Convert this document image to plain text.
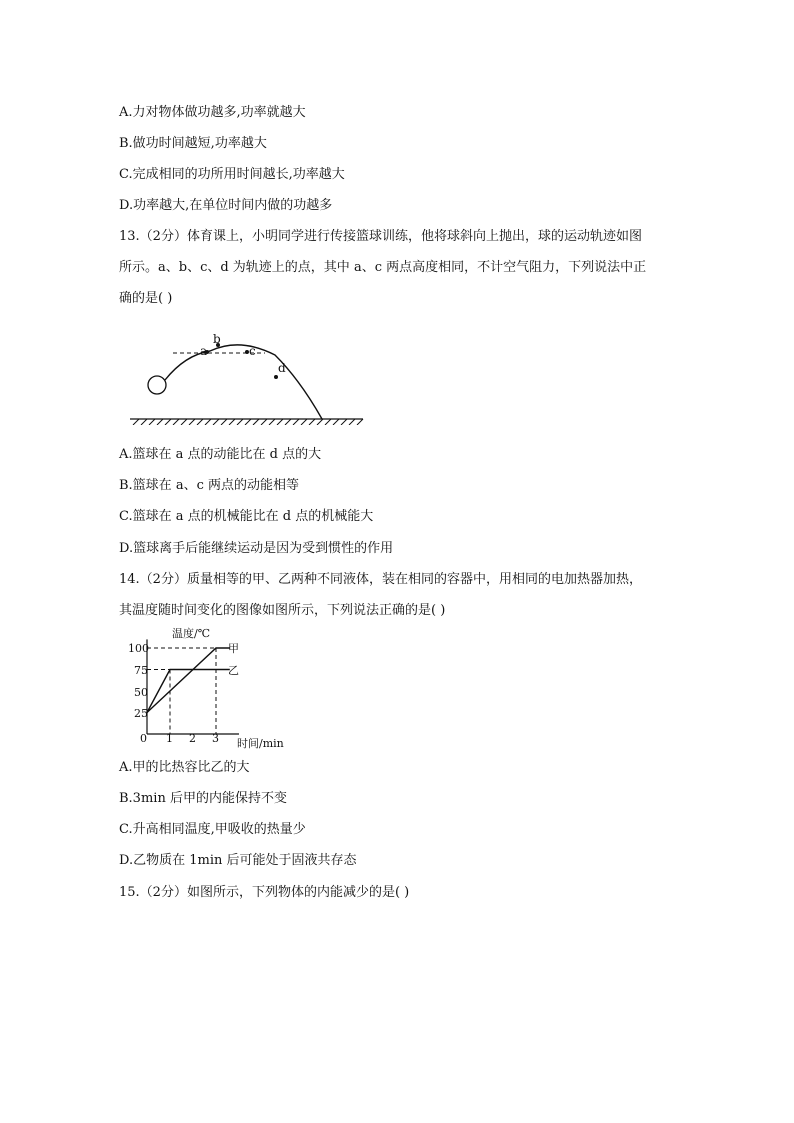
A.力对物体做功越多,功率就越大
B.做功时间越短,功率越大
C.完成相同的功所用时间越长,功率越大
D.功率越大,在单位时间内做的功越多
13.（2分）体育课上，小明同学进行传接篮球训练，他将球斜向上抛出，球的运动轨迹如图
所示。a、b、c、d 为轨迹上的点，其中 a、c 两点高度相同，不计空气阻力，下列说法中正
确的是( )
b
a	c
d
A.篮球在 a 点的动能比在 d 点的大
B.篮球在 a、c 两点的动能相等
C.篮球在 a 点的机械能比在 d 点的机械能大
D.篮球离手后能继续运动是因为受到惯性的作用
14.（2分）质量相等的甲、乙两种不同液体，装在相同的容器中，用相同的电加热器加热，
其温度随时间变化的图像如图所示，下列说法正确的是( )
温度/℃
时间/min
100
75
50
25
0 1 2 3
甲
乙
A.甲的比热容比乙的大
B.3min 后甲的内能保持不变
C.升高相同温度,甲吸收的热量少
D.乙物质在 1min 后可能处于固液共存态
15.（2分）如图所示，下列物体的内能减少的是( )
